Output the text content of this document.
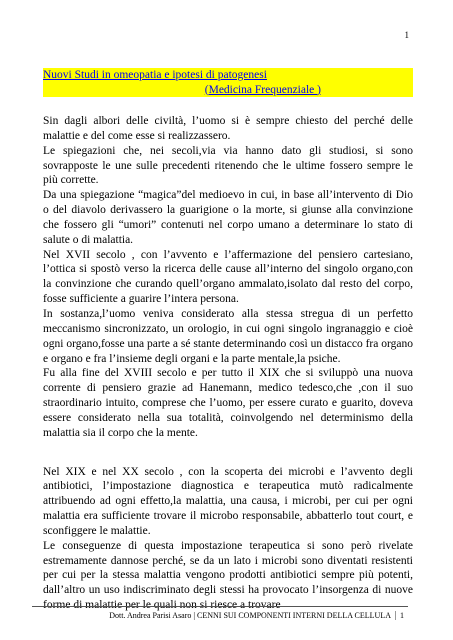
1
Nuovi Studi in omeopatia e ipotesi di patogenesi
(Medicina Frequenziale )

Sin dagli albori delle civiltà, l’uomo si è sempre chiesto del perché delle malattie e del come esse si realizzassero.

Le spiegazioni che, nei secoli,via via hanno dato gli studiosi, si sono sovrapposte le une sulle precedenti ritenendo che le ultime fossero sempre le più corrette.

Da una spiegazione “magica”del medioevo in cui, in base all’intervento di Dio o del diavolo derivassero la guarigione o la morte, si giunse alla convinzione che fossero gli “umori” contenuti nel corpo umano a determinare lo stato di salute o di malattia.

Nel XVII secolo , con l’avvento e l’affermazione del pensiero cartesiano, l’ottica si spostò verso la ricerca delle cause all’interno del singolo organo,con la convinzione che curando quell’organo ammalato,isolato dal resto del corpo, fosse sufficiente a guarire l’intera persona.

In sostanza,l’uomo veniva considerato alla stessa stregua di un perfetto meccanismo sincronizzato, un orologio, in cui ogni singolo ingranaggio e cioè ogni organo,fosse una parte a sé stante determinando così un distacco fra organo e organo e fra l’insieme degli organi e la parte mentale,la psiche.

Fu alla fine del XVIII secolo e per tutto il XIX che si sviluppò una nuova corrente di pensiero grazie ad Hanemann, medico tedesco,che ,con il suo straordinario intuito, comprese che l’uomo, per essere curato e guarito, doveva essere considerato nella sua totalità, coinvolgendo nel determinismo della malattia sia il corpo che la mente.

Nel XIX e nel XX secolo , con la scoperta dei microbi e l’avvento degli antibiotici, l’impostazione diagnostica e terapeutica mutò radicalmente attribuendo ad ogni effetto,la malattia, una causa, i microbi, per cui per ogni malattia era sufficiente trovare il microbo responsabile, abbatterlo tout court, e sconfiggere le malattie.

Le conseguenze di questa impostazione terapeutica si sono però rivelate estremamente dannose perché, se da un lato i microbi sono diventati resistenti per cui per la stessa malattia vengono prodotti antibiotici sempre più potenti, dall’altro un uso indiscriminato degli stessi ha provocato l’insorgenza di nuove forme di malattie per le quali non si riesce a trovare

Dott. Andrea Parisi Asaro | CENNI SUI COMPONENTI INTERNI DELLA CELLULA	1
